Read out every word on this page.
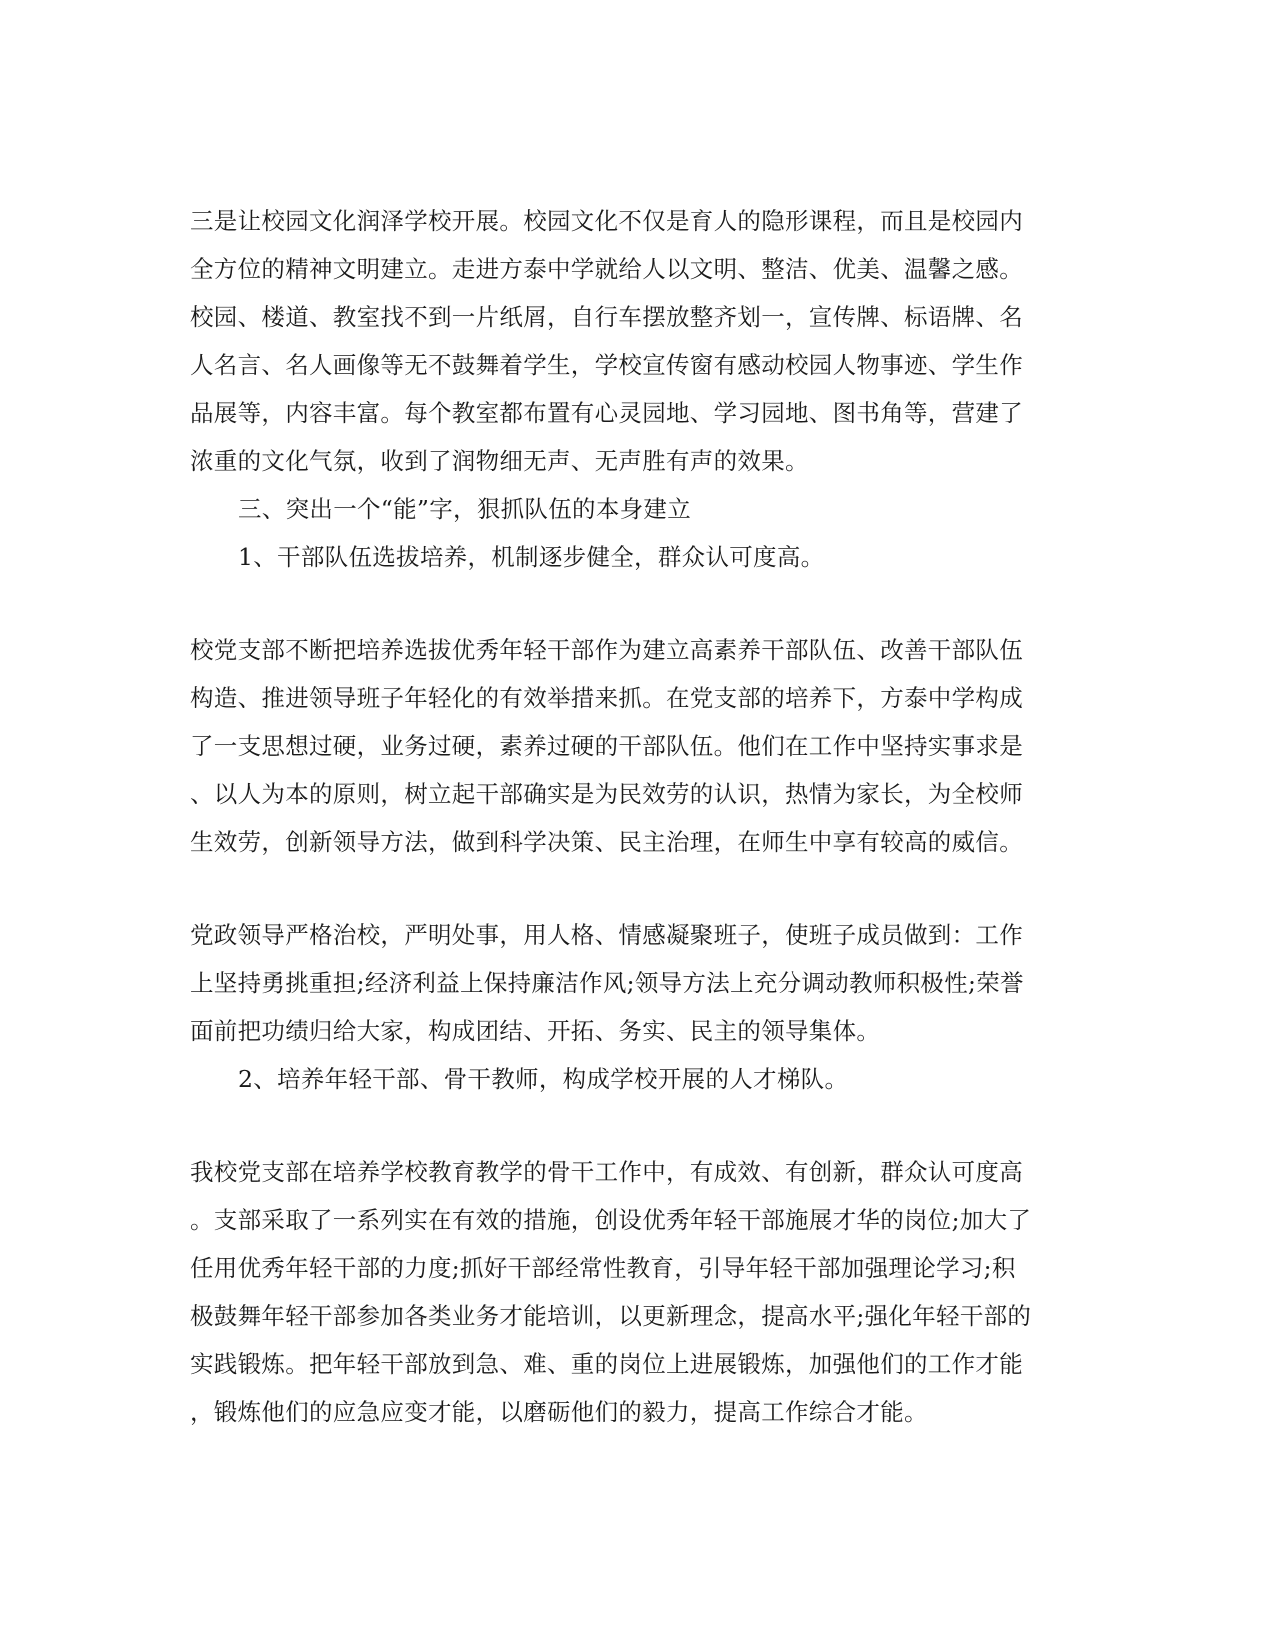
三是让校园文化润泽学校开展。校园文化不仅是育人的隐形课程，而且是校园内
全方位的精神文明建立。走进方泰中学就给人以文明、整洁、优美、温馨之感。
校园、楼道、教室找不到一片纸屑，自行车摆放整齐划一，宣传牌、标语牌、名
人名言、名人画像等无不鼓舞着学生，学校宣传窗有感动校园人物事迹、学生作
品展等，内容丰富。每个教室都布置有心灵园地、学习园地、图书角等，营建了
浓重的文化气氛，收到了润物细无声、无声胜有声的效果。
三、突出一个“能”字，狠抓队伍的本身建立
1、干部队伍选拔培养，机制逐步健全，群众认可度高。
校党支部不断把培养选拔优秀年轻干部作为建立高素养干部队伍、改善干部队伍
构造、推进领导班子年轻化的有效举措来抓。在党支部的培养下，方泰中学构成
了一支思想过硬，业务过硬，素养过硬的干部队伍。他们在工作中坚持实事求是
、以人为本的原则，树立起干部确实是为民效劳的认识，热情为家长，为全校师
生效劳，创新领导方法，做到科学决策、民主治理，在师生中享有较高的威信。
党政领导严格治校，严明处事，用人格、情感凝聚班子，使班子成员做到：工作
上坚持勇挑重担;经济利益上保持廉洁作风;领导方法上充分调动教师积极性;荣誉
面前把功绩归给大家，构成团结、开拓、务实、民主的领导集体。
2、培养年轻干部、骨干教师，构成学校开展的人才梯队。
我校党支部在培养学校教育教学的骨干工作中，有成效、有创新，群众认可度高
。支部采取了一系列实在有效的措施，创设优秀年轻干部施展才华的岗位;加大了
任用优秀年轻干部的力度;抓好干部经常性教育，引导年轻干部加强理论学习;积
极鼓舞年轻干部参加各类业务才能培训，以更新理念，提高水平;强化年轻干部的
实践锻炼。把年轻干部放到急、难、重的岗位上进展锻炼，加强他们的工作才能
，锻炼他们的应急应变才能，以磨砺他们的毅力，提高工作综合才能。
